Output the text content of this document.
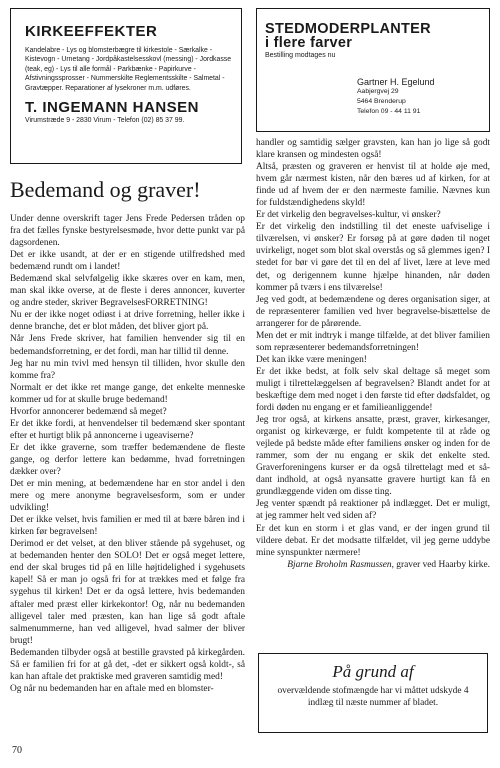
KIRKEEFFEKTER
Kandelabre - Lys og blomsterbægre til kirkestole - Særkalke - Kistevogn - Urnetang - Jordpåkastelsesskovl (messing) - Jordkasse (teak, eg) - Lys til alle formål - Parkbænke - Papirkurve - Afstivningssprosser - Nummerskilte Reglementsskilte - Salmetal - Gravtæpper. Reparationer af lysekroner m.m. udføres.
T. INGEMANN HANSEN
Virumstræde 9 - 2830 Virum - Telefon (02) 85 37 99.
STEDMODERPLANTER
i flere farver
Bestilling modtages nu
Gartner H. Egelund
Aabjergvej 29
5464 Brenderup
Telefon 09 - 44 11 91
Bedemand og graver!

Under denne overskrift tager Jens Frede Pedersen tråden op fra det fælles fynske bestyrelsesmøde, hvor dette punkt var på dagsordenen.

Det er ikke usandt, at der er en stigende utilfredshed med bedemænd rundt om i landet!

Bedemænd skal selvfølgelig ikke skæres over en kam, men, man skal ikke overse, at de fleste i deres annoncer, kuverter og andre steder, skriver BegravelsesFORRETNING!

Nu er der ikke noget odiøst i at drive forretning, heller ikke i denne branche, det er blot måden, det bliver gjort på.

Når Jens Frede skriver, hat familien henvender sig til en bedemandsforretning, er det fordi, man har tillid til denne.

Jeg har nu min tvivl med hensyn til tilliden, hvor skulle den komme fra?

Normalt er det ikke ret mange gange, det enkelte menneske kommer ud for at skulle bruge bedemand!

Hvorfor annoncerer bedemænd så meget?

Er det ikke fordi, at henvendelser til bedemænd sker spontant efter et hurtigt blik på annoncerne i ugeaviserne?

Er det ikke graverne, som træffer bedemændene de fleste gange, og derfor lettere kan bedømme, hvad forretningen dækker over?

Det er min mening, at bedemændene har en stor andel i den mere og mere anonyme begravelsesform, som er under udvikling!

Det er ikke velset, hvis familien er med til at bære båren ind i kirken før begravelsen!

Derimod er det velset, at den bliver stående på sygehuset, og at bedemanden henter den SOLO! Det er også meget lettere, end der skal bruges tid på en lille højtidelighed i sygehusets kapel! Så er man jo også fri for at trækkes med et følge fra sygehus til kirken! Det er da også lettere, hvis bedemanden aftaler med præst eller kirkekontor! Og, når nu bedemanden alligevel taler med præsten, kan han lige så godt aftale salmenummerne, han ved alligevel, hvad salmer der bliver brugt!

Bedemanden tilbyder også at bestille gravsted på kirkegården. Så er familien fri for at gå det, -det er sikkert også koldt-, så kan han aftale det praktiske med graveren samtidig med!

Og når nu bedemanden har en aftale med en blomster-

handler og samtidig sælger gravsten, kan han jo lige så godt klare kransen og mindesten også!

Altså, præsten og graveren er henvist til at holde øje med, hvem går nærmest kisten, når den bæres ud af kirken, for at finde ud af hvem der er den nærmeste familie. Nævnes kun for fuldstændighedens skyld!

Er det virkelig den begravelses-kultur, vi ønsker?

Er det virkelig den indstilling til det eneste uafviselige i tilværelsen, vi ønsker? Er forsøg på at gøre døden til noget uvirkeligt, noget som blot skal overstås og så glemmes igen? I stedet for bør vi gøre det til en del af livet, lære at leve med det, og derigennem kunne hjælpe hinanden, når døden kommer på tværs i ens tilværelse!

Jeg ved godt, at bedemændene og deres organisation siger, at de repræsenterer familien ved hver begravelse-bisættelse de arrangerer for de pårørende.

Men det er mit indtryk i mange tilfælde, at det bliver familien som repræsenterer bedemandsforretningen!

Det kan ikke være meningen!

Er det ikke bedst, at folk selv skal deltage så meget som muligt i tilrettelæggelsen af begravelsen? Blandt andet for at beskæftige dem med noget i den første tid efter dødsfaldet, og fordi døden nu engang er et familieanliggende!

Jeg tror også, at kirkens ansatte, præst, graver, kirkesanger, organist og kirkeværge, er fuldt kompetente til at råde og vejlede på bedste måde efter familiens ønsker og inden for de rammer, som der nu engang er skik det enkelte sted. Graverforeningens kurser er da også tilrettelagt med et så- dant indhold, at også nyansatte gravere hurtigt kan få en grundlæggende viden om disse ting.

Jeg venter spændt på reaktioner på indlægget. Det er muligt, at jeg rammer helt ved siden af?

Er det kun en storm i et glas vand, er der ingen grund til vildere debat. Er det modsatte tilfældet, vil jeg gerne uddybe mine synspunkter nærmere!

Bjarne Broholm Rasmussen, graver ved Haarby kirke.

På grund af
overvældende stofmængde har vi måttet udskyde 4 indlæg til næste nummer af bladet.
70
